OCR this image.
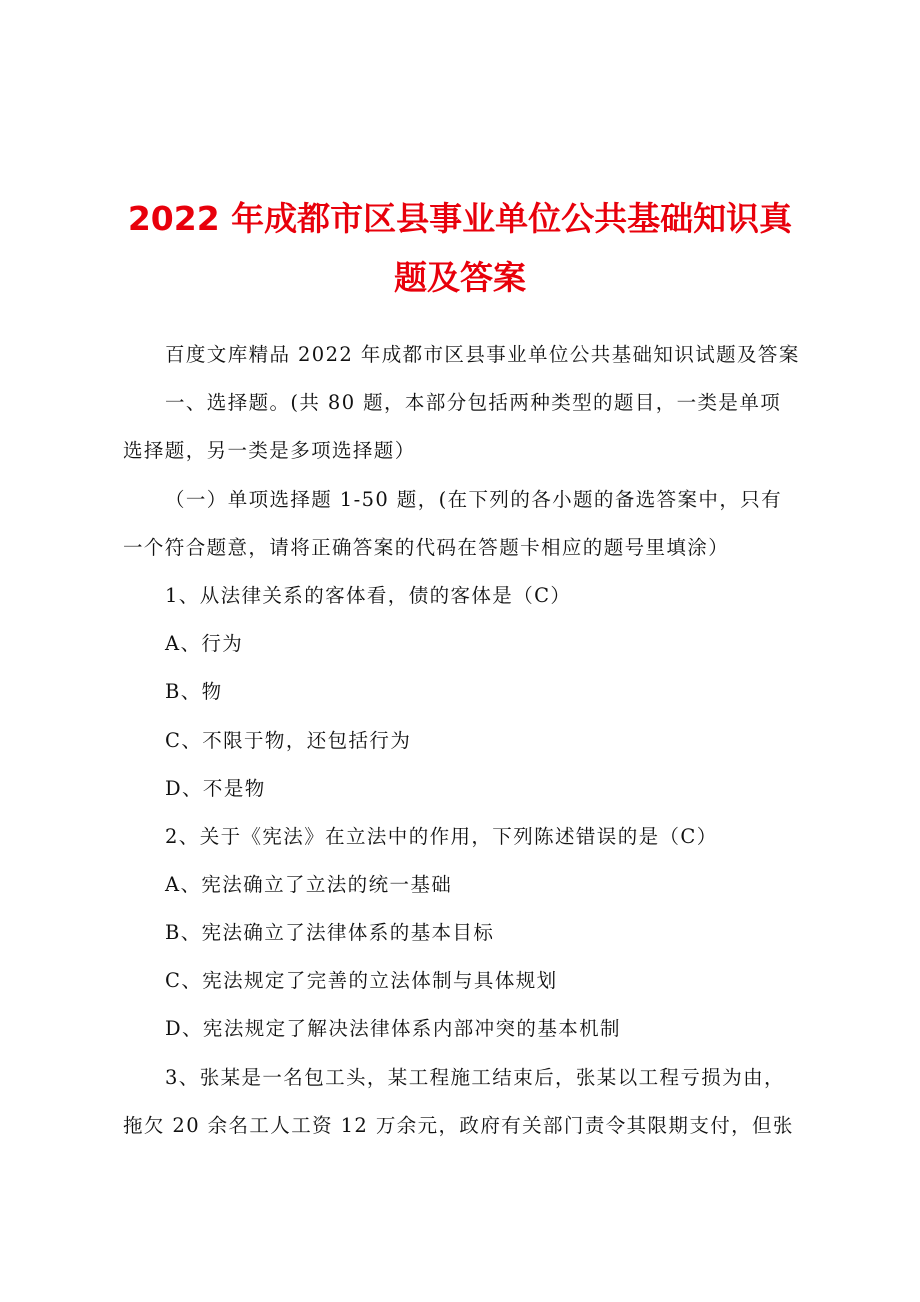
2022 年成都市区县事业单位公共基础知识真
题及答案
百度文库精品 2022 年成都市区县事业单位公共基础知识试题及答案
一、选择题。(共 80 题，本部分包括两种类型的题目，一类是单项
选择题，另一类是多项选择题）
（一）单项选择题 1-50 题，(在下列的各小题的备选答案中，只有
一个符合题意，请将正确答案的代码在答题卡相应的题号里填涂）
1、从法律关系的客体看，债的客体是（C）
A、行为
B、物
C、不限于物，还包括行为
D、不是物
2、关于《宪法》在立法中的作用，下列陈述错误的是（C）
A、宪法确立了立法的统一基础
B、宪法确立了法律体系的基本目标
C、宪法规定了完善的立法体制与具体规划
D、宪法规定了解决法律体系内部冲突的基本机制
3、张某是一名包工头，某工程施工结束后，张某以工程亏损为由，
拖欠 20 余名工人工资 12 万余元，政府有关部门责令其限期支付，但张
